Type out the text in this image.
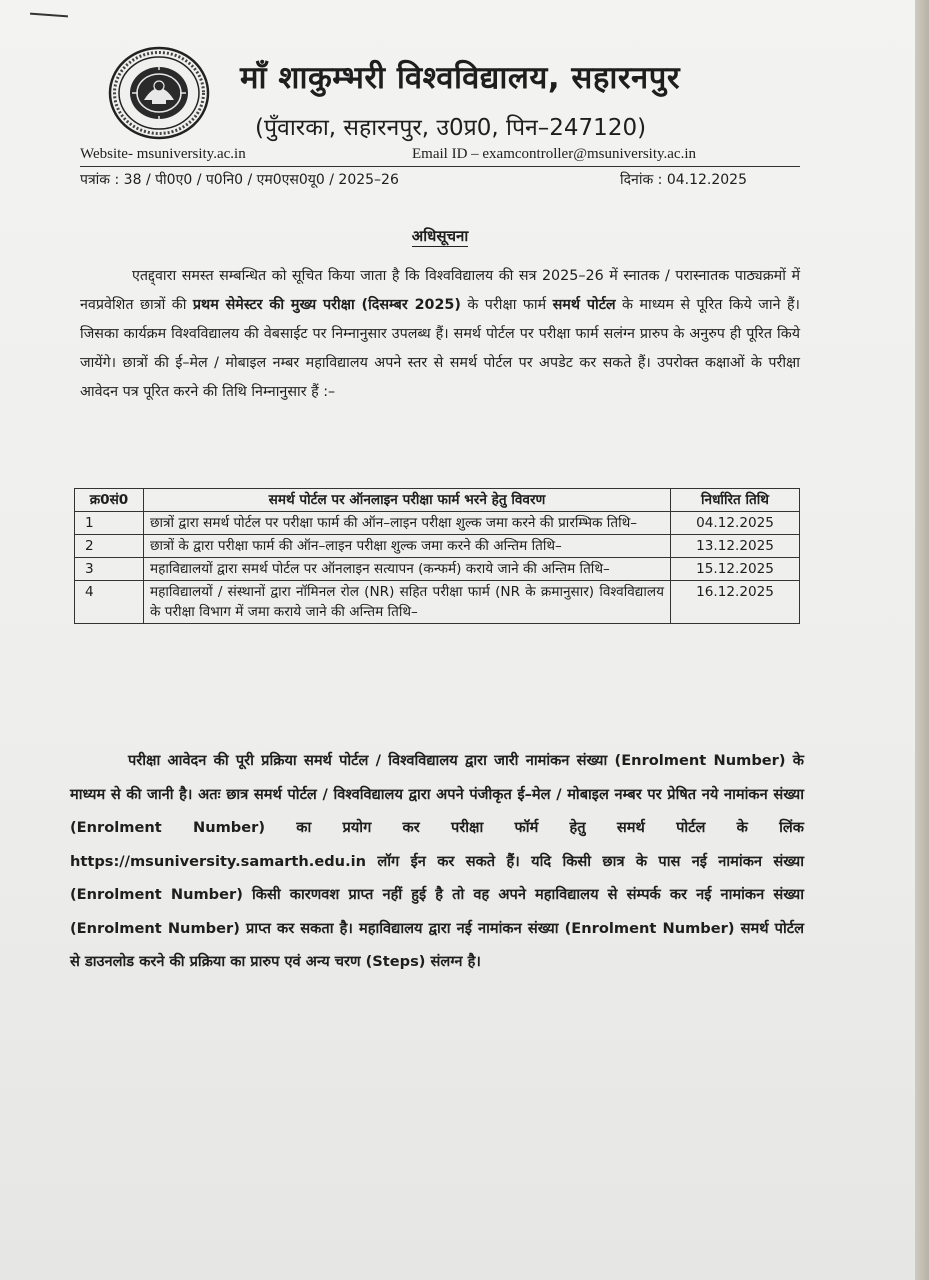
माँ शाकुम्भरी विश्वविद्यालय, सहारनपुर
(पुँवारका, सहारनपुर, उ0प्र0, पिन–247120)
Website- msuniversity.ac.in	Email ID – examcontroller@msuniversity.ac.in
पत्रांक : 38 / पी0ए0 / प0नि0 / एम0एस0यू0 / 2025–26	दिनांक : 04.12.2025
अधिसूचना
एतद्द्वारा समस्त सम्बन्धित को सूचित किया जाता है कि विश्वविद्यालय की सत्र 2025–26 में स्नातक / परास्नातक पाठ्यक्रमों में नवप्रवेशित छात्रों की प्रथम सेमेस्टर की मुख्य परीक्षा (दिसम्बर 2025) के परीक्षा फार्म समर्थ पोर्टल के माध्यम से पूरित किये जाने हैं। जिसका कार्यक्रम विश्वविद्यालय की वेबसाईट पर निम्नानुसार उपलब्ध हैं। समर्थ पोर्टल पर परीक्षा फार्म सलंग्न प्रारुप के अनुरुप ही पूरित किये जायेंगे। छात्रों की ई–मेल / मोबाइल नम्बर महाविद्यालय अपने स्तर से समर्थ पोर्टल पर अपडेट कर सकते हैं। उपरोक्त कक्षाओं के परीक्षा आवेदन पत्र पूरित करने की तिथि निम्नानुसार हैं :–
क्र0सं0	समर्थ पोर्टल पर ऑनलाइन परीक्षा फार्म भरने हेतु विवरण	निर्धारित तिथि
1	छात्रों द्वारा समर्थ पोर्टल पर परीक्षा फार्म की ऑन–लाइन परीक्षा शुल्क जमा करने की प्रारम्भिक तिथि–	04.12.2025
2	छात्रों के द्वारा परीक्षा फार्म की ऑन–लाइन परीक्षा शुल्क जमा करने की अन्तिम तिथि–	13.12.2025
3	महाविद्यालयों द्वारा समर्थ पोर्टल पर ऑनलाइन सत्यापन (कन्फर्म) कराये जाने की अन्तिम तिथि–	15.12.2025
4	महाविद्यालयों / संस्थानों द्वारा नॉमिनल रोल (NR) सहित परीक्षा फार्म (NR के क्रमानुसार) विश्वविद्यालय के परीक्षा विभाग में जमा कराये जाने की अन्तिम तिथि–	16.12.2025
परीक्षा आवेदन की पूरी प्रक्रिया समर्थ पोर्टल / विश्वविद्यालय द्वारा जारी नामांकन संख्या (Enrolment Number) के माध्यम से की जानी है। अतः छात्र समर्थ पोर्टल / विश्वविद्यालय द्वारा अपने पंजीकृत ई–मेल / मोबाइल नम्बर पर प्रेषित नये नामांकन संख्या (Enrolment Number) का प्रयोग कर परीक्षा फॉर्म हेतु समर्थ पोर्टल के लिंक https://msuniversity.samarth.edu.in लॉग ईन कर सकते हैं। यदि किसी छात्र के पास नई नामांकन संख्या (Enrolment Number) किसी कारणवश प्राप्त नहीं हुई है तो वह अपने महाविद्यालय से संम्पर्क कर नई नामांकन संख्या (Enrolment Number) प्राप्त कर सकता है। महाविद्यालय द्वारा नई नामांकन संख्या (Enrolment Number) समर्थ पोर्टल से डाउनलोड करने की प्रक्रिया का प्रारुप एवं अन्य चरण (Steps) संलग्न है।
